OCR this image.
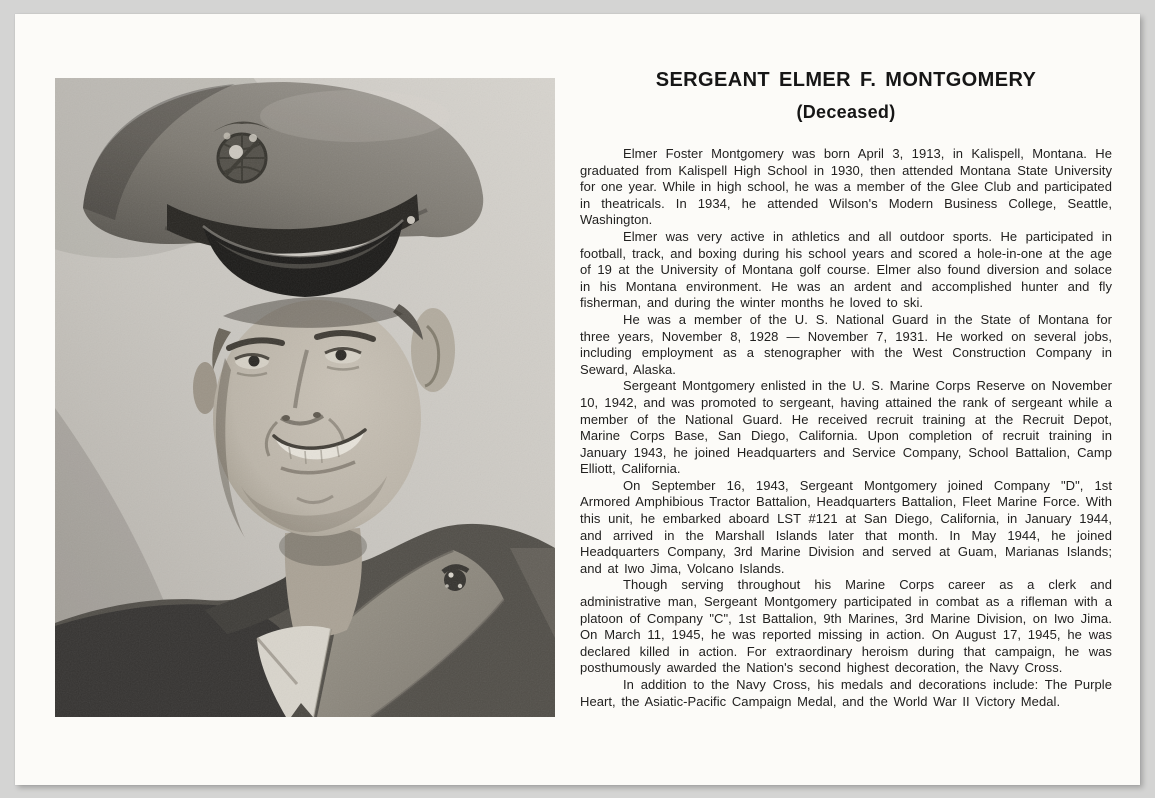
SERGEANT ELMER F. MONTGOMERY
(Deceased)

Elmer Foster Montgomery was born April 3, 1913, in Kalispell, Montana. He graduated from Kalispell High School in 1930, then attended Montana State University for one year. While in high school, he was a member of the Glee Club and participated in theatricals. In 1934, he attended Wilson's Modern Business College, Seattle, Washington.

Elmer was very active in athletics and all outdoor sports. He participated in football, track, and boxing during his school years and scored a hole-in-one at the age of 19 at the University of Montana golf course. Elmer also found diversion and solace in his Montana environment. He was an ardent and accomplished hunter and fly fisherman, and during the winter months he loved to ski.

He was a member of the U. S. National Guard in the State of Montana for three years, November 8, 1928 — November 7, 1931. He worked on several jobs, including employment as a stenographer with the West Construction Company in Seward, Alaska.

Sergeant Montgomery enlisted in the U. S. Marine Corps Reserve on November 10, 1942, and was promoted to sergeant, having attained the rank of sergeant while a member of the National Guard. He received recruit training at the Recruit Depot, Marine Corps Base, San Diego, California. Upon completion of recruit training in January 1943, he joined Headquarters and Service Company, School Battalion, Camp Elliott, California.

On September 16, 1943, Sergeant Montgomery joined Company "D", 1st Armored Amphibious Tractor Battalion, Headquarters Battalion, Fleet Marine Force. With this unit, he embarked aboard LST #121 at San Diego, California, in January 1944, and arrived in the Marshall Islands later that month. In May 1944, he joined Headquarters Company, 3rd Marine Division and served at Guam, Marianas Islands; and at Iwo Jima, Volcano Islands.

Though serving throughout his Marine Corps career as a clerk and administrative man, Sergeant Montgomery participated in combat as a rifleman with a platoon of Company "C", 1st Battalion, 9th Marines, 3rd Marine Division, on Iwo Jima. On March 11, 1945, he was reported missing in action. On August 17, 1945, he was declared killed in action. For extraordinary heroism during that campaign, he was posthumously awarded the Nation's second highest decoration, the Navy Cross.

In addition to the Navy Cross, his medals and decorations include: The Purple Heart, the Asiatic-Pacific Campaign Medal, and the World War II Victory Medal.
